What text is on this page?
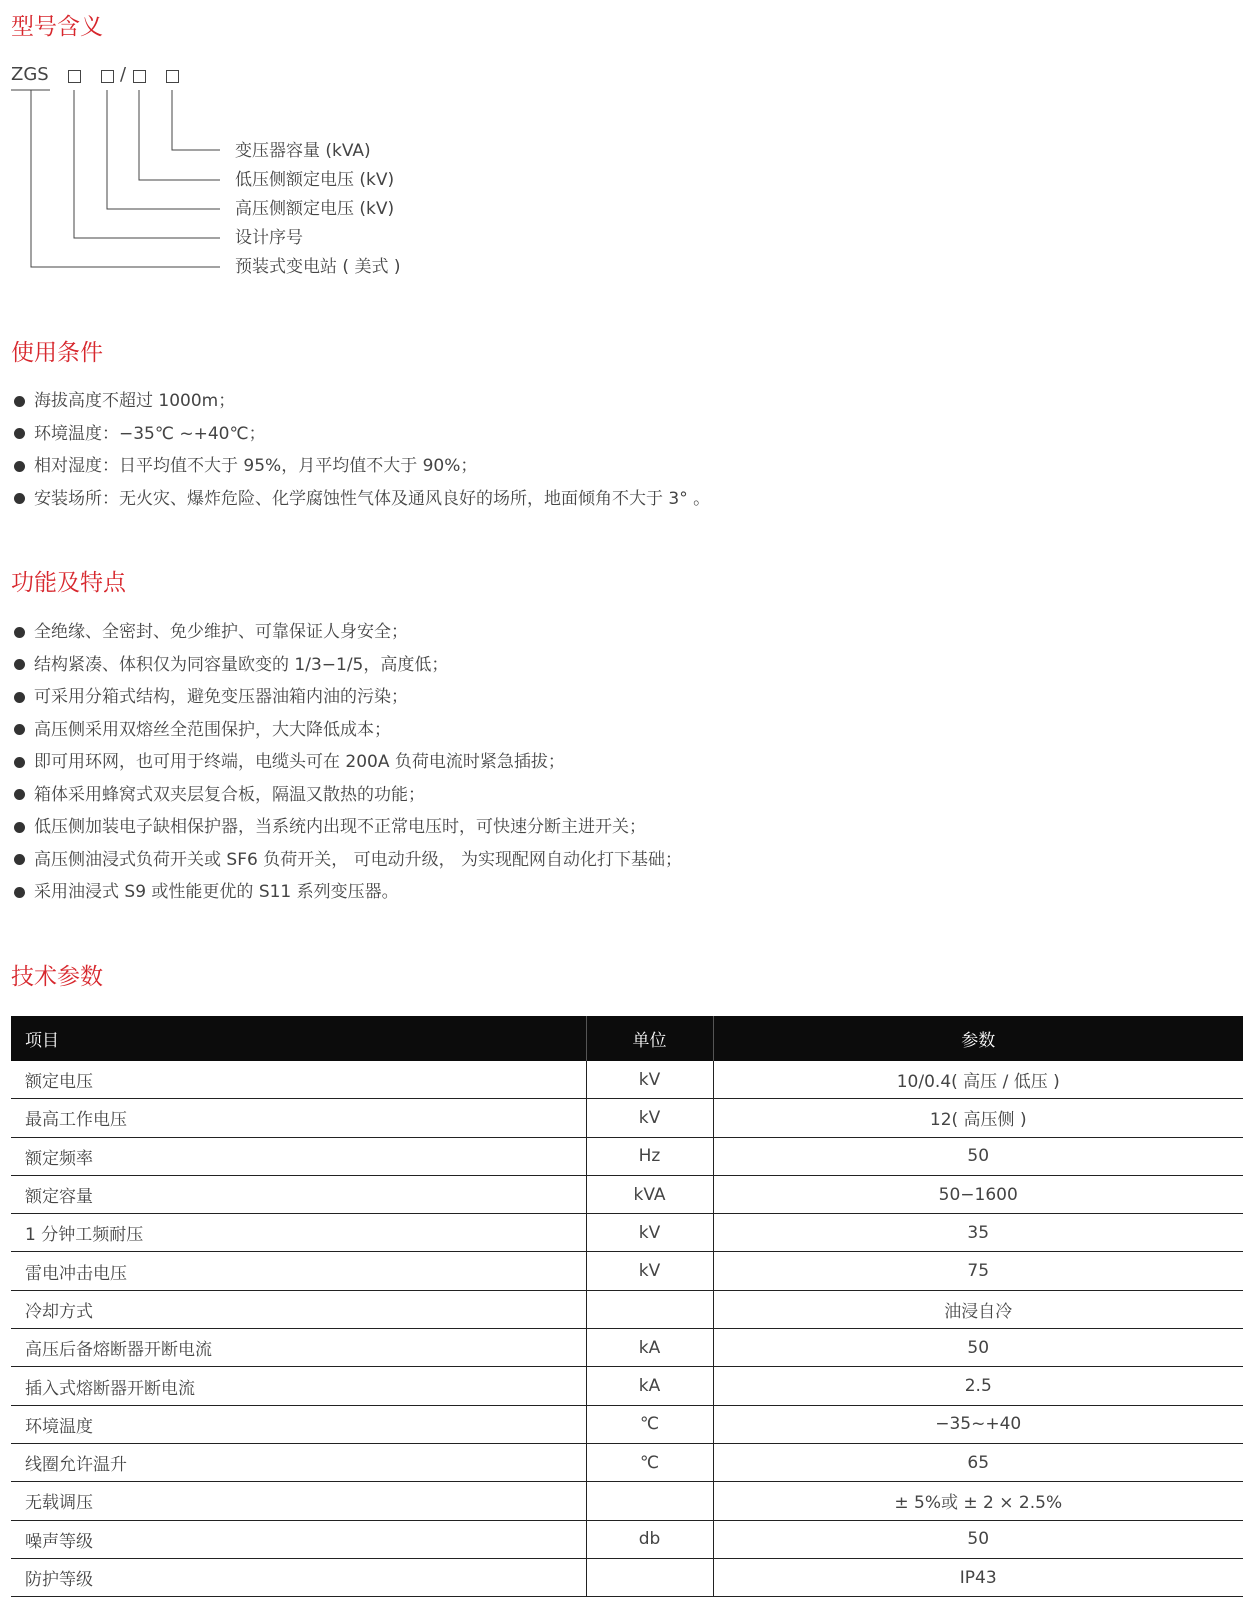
型号含义
ZGS	/
变压器容量 (kVA)
低压侧额定电压 (kV)
高压侧额定电压 (kV)
设计序号
预装式变电站 ( 美式 )
使用条件
海拔高度不超过 1000m；
环境温度：−35℃ ~+40℃；
相对湿度：日平均值不大于 95%，月平均值不大于 90%；
安装场所：无火灾、爆炸危险、化学腐蚀性气体及通风良好的场所，地面倾角不大于 3° 。
功能及特点
全绝缘、全密封、免少维护、可靠保证人身安全；
结构紧凑、体积仅为同容量欧变的 1/3−1/5，高度低；
可采用分箱式结构，避免变压器油箱内油的污染；
高压侧采用双熔丝全范围保护，大大降低成本；
即可用环网，也可用于终端，电缆头可在 200A 负荷电流时紧急插拔；
箱体采用蜂窝式双夹层复合板，隔温又散热的功能；
低压侧加装电子缺相保护器，当系统内出现不正常电压时，可快速分断主进开关；
高压侧油浸式负荷开关或 SF6 负荷开关， 可电动升级， 为实现配网自动化打下基础；
采用油浸式 S9 或性能更优的 S11 系列变压器。
技术参数
项目	单位	参数
额定电压	kV	10/0.4( 高压 / 低压 )
最高工作电压	kV	12( 高压侧 )
额定频率	Hz	50
额定容量	kVA	50−1600
1 分钟工频耐压	kV	35
雷电冲击电压	kV	75
冷却方式		油浸自冷
高压后备熔断器开断电流	kA	50
插入式熔断器开断电流	kA	2.5
环境温度	℃	−35~+40
线圈允许温升	℃	65
无载调压		± 5%或 ± 2 × 2.5%
噪声等级	db	50
防护等级		IP43
